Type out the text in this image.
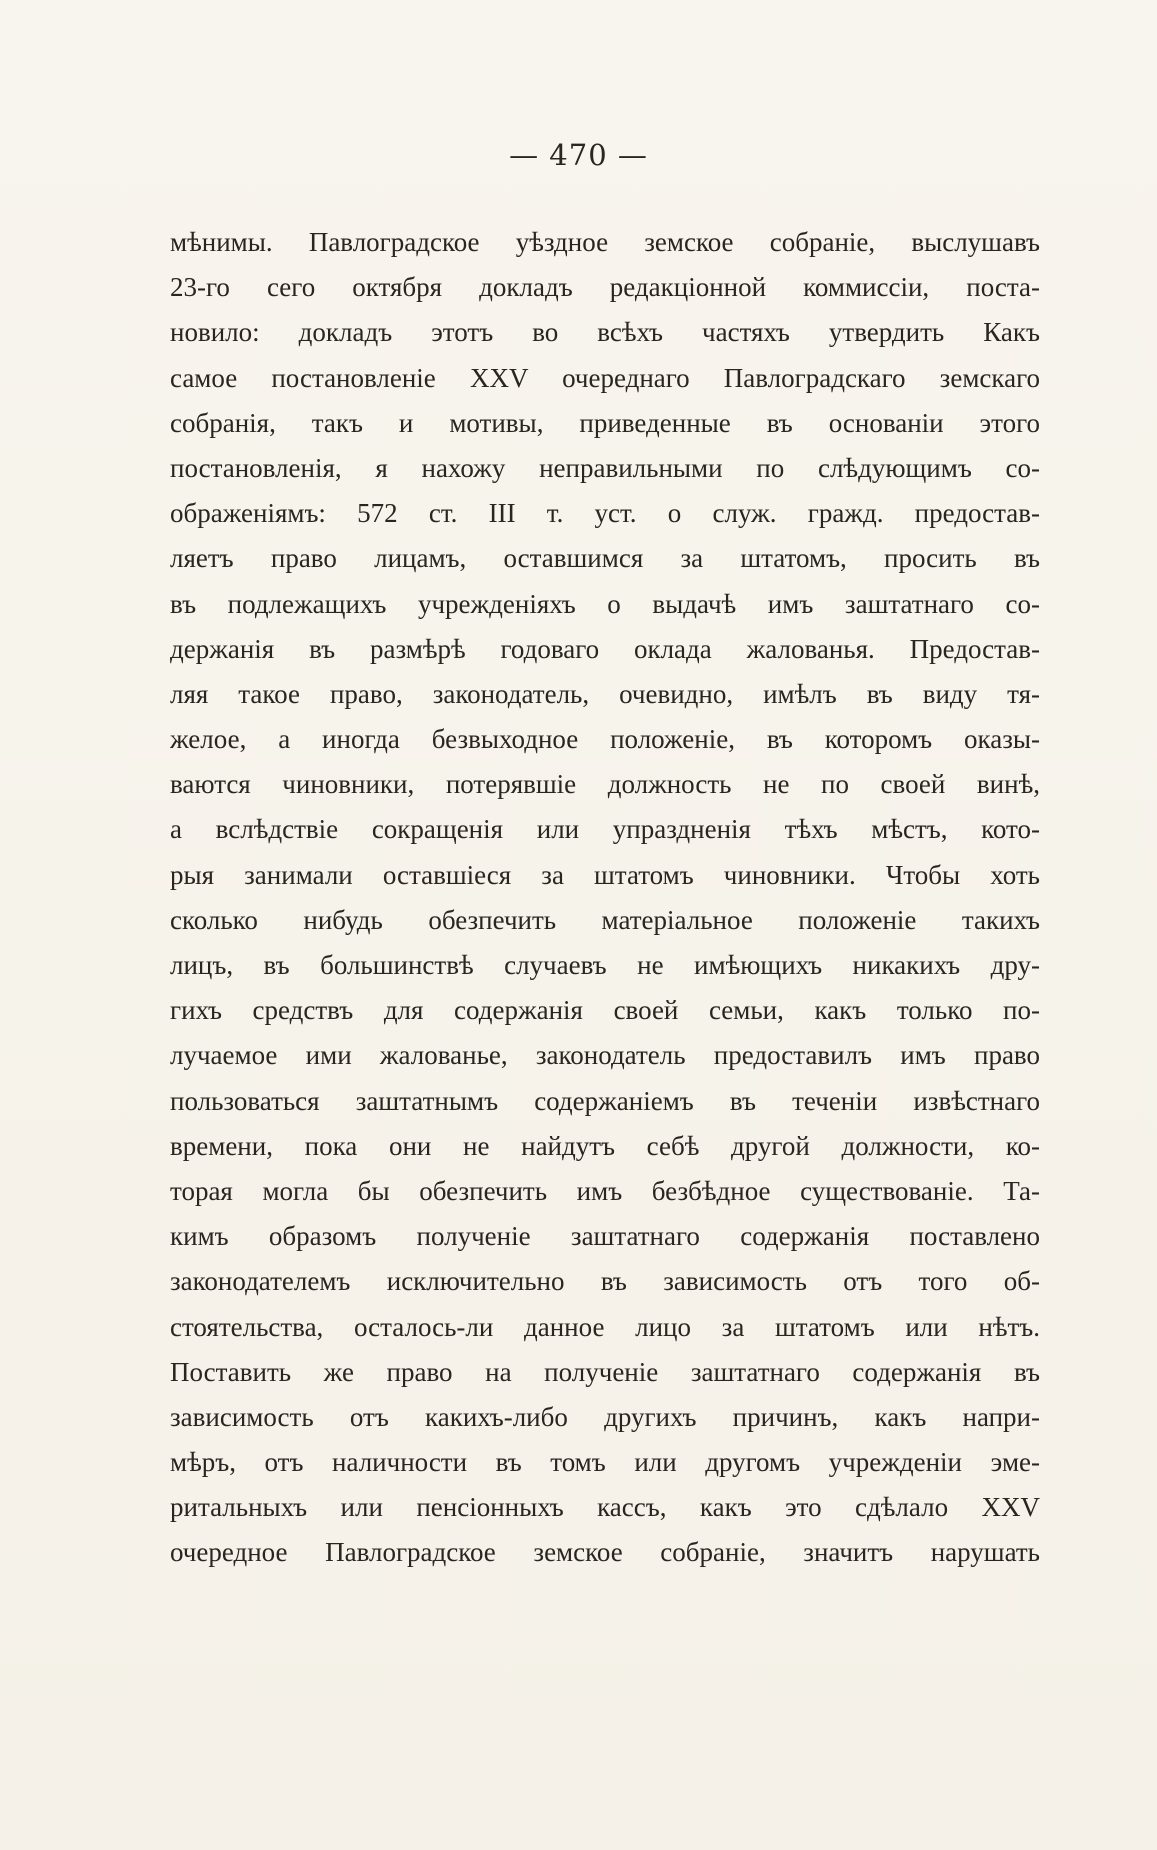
— 470 —
мѣнимы. Павлоградское уѣздное земское собраніе, выслушавъ
23-го сего октября докладъ редакціонной коммиссіи, поста-
новило: докладъ этотъ во всѣхъ частяхъ утвердить Какъ
самое постановленіе XXV очереднаго Павлоградскаго земскаго
собранія, такъ и мотивы, приведенные въ основаніи этого
постановленія, я нахожу неправильными по слѣдующимъ со-
ображеніямъ: 572 ст. III т. уст. о служ. гражд. предостав-
ляетъ право лицамъ, оставшимся за штатомъ, просить въ
въ подлежащихъ учрежденіяхъ о выдачѣ имъ заштатнаго со-
держанія въ размѣрѣ годоваго оклада жалованья. Предостав-
ляя такое право, законодатель, очевидно, имѣлъ въ виду тя-
желое, а иногда безвыходное положеніе, въ которомъ оказы-
ваются чиновники, потерявшіе должность не по своей винѣ,
а вслѣдствіе сокращенія или упраздненія тѣхъ мѣстъ, кото-
рыя занимали оставшіеся за штатомъ чиновники. Чтобы хоть
сколько нибудь обезпечить матеріальное положеніе такихъ
лицъ, въ большинствѣ случаевъ не имѣющихъ никакихъ дру-
гихъ средствъ для содержанія своей семьи, какъ только по-
лучаемое ими жалованье, законодатель предоставилъ имъ право
пользоваться заштатнымъ содержаніемъ въ теченіи извѣстнаго
времени, пока они не найдутъ себѣ другой должности, ко-
торая могла бы обезпечить имъ безбѣдное существованіе. Та-
кимъ образомъ полученіе заштатнаго содержанія поставлено
законодателемъ исключительно въ зависимость отъ того об-
стоятельства, осталось-ли данное лицо за штатомъ или нѣтъ.
Поставить же право на полученіе заштатнаго содержанія въ
зависимость отъ какихъ-либо другихъ причинъ, какъ напри-
мѣръ, отъ наличности въ томъ или другомъ учрежденіи эме-
ритальныхъ или пенсіонныхъ кассъ, какъ это сдѣлало XXV
очередное Павлоградское земское собраніе, значитъ нарушать
